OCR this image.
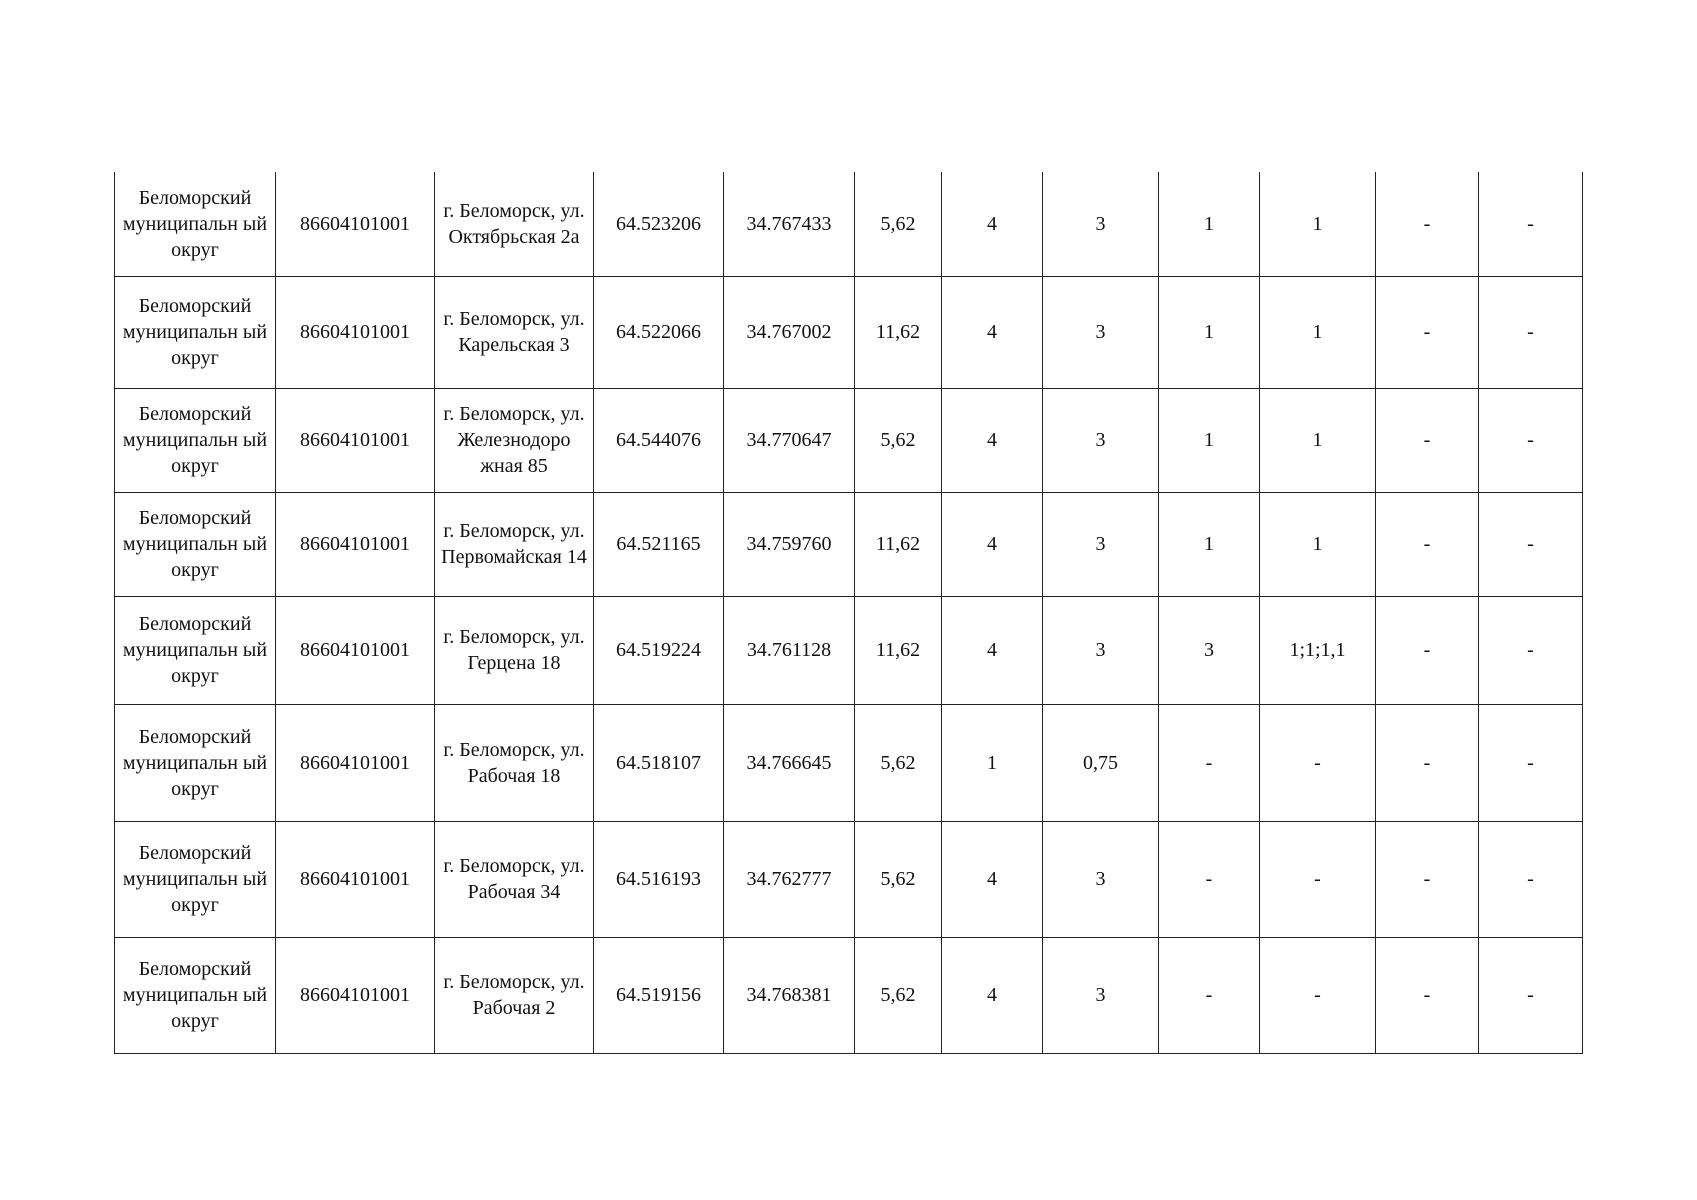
Беломорский муниципальн ый округ	86604101001	г. Беломорск, ул. Октябрьская 2а	64.523206	34.767433	5,62	4	3	1	1	-	-
Беломорский муниципальн ый округ	86604101001	г. Беломорск, ул. Карельская 3	64.522066	34.767002	11,62	4	3	1	1	-	-
Беломорский муниципальн ый округ	86604101001	г. Беломорск, ул. Железнодоро жная 85	64.544076	34.770647	5,62	4	3	1	1	-	-
Беломорский муниципальн ый округ	86604101001	г. Беломорск, ул. Первомайская 14	64.521165	34.759760	11,62	4	3	1	1	-	-
Беломорский муниципальн ый округ	86604101001	г. Беломорск, ул. Герцена 18	64.519224	34.761128	11,62	4	3	3	1;1;1,1	-	-
Беломорский муниципальн ый округ	86604101001	г. Беломорск, ул. Рабочая 18	64.518107	34.766645	5,62	1	0,75	-	-	-	-
Беломорский муниципальн ый округ	86604101001	г. Беломорск, ул. Рабочая 34	64.516193	34.762777	5,62	4	3	-	-	-	-
Беломорский муниципальн ый округ	86604101001	г. Беломорск, ул. Рабочая 2	64.519156	34.768381	5,62	4	3	-	-	-	-
